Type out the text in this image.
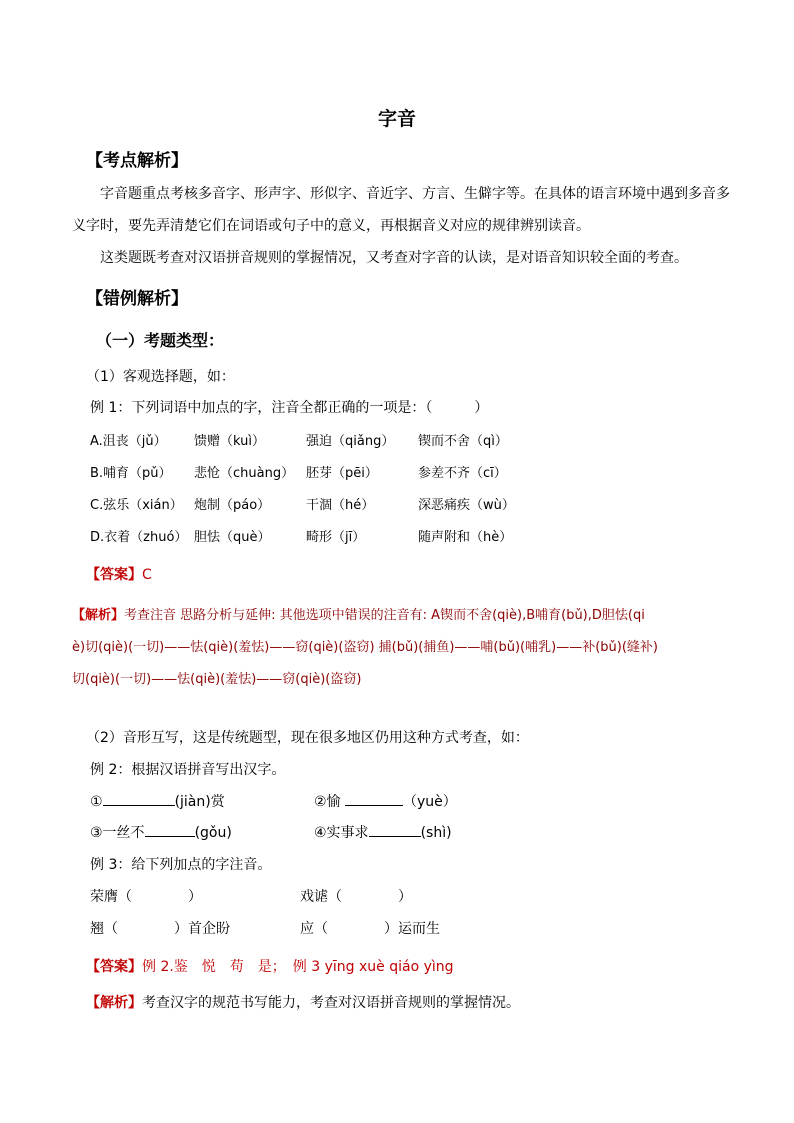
字音
【考点解析】
字音题重点考核多音字、形声字、形似字、音近字、方言、生僻字等。在具体的语言环境中遇到多音多义字时，要先弄清楚它们在词语或句子中的意义，再根据音义对应的规律辨别读音。
这类题既考查对汉语拼音规则的掌握情况，又考查对字音的认读，是对语音知识较全面的考查。
【错例解析】
（一）考题类型：
（1）客观选择题，如：
例 1：下列词语中加点的字，注音全都正确的一项是：（　　　）
A.沮丧（jǔ） 馈赠（kuì）	强迫（qiǎng） 锲而不舍（qì）
B.哺育（pǔ） 悲怆（chuàng） 胚芽（pēi）	参差不齐（cī）
C.弦乐（xián） 炮制（páo）	干涸（hé）	深恶痛疾（wù）
D.衣着（zhuó） 胆怯（què）	畸形（jī）	随声附和（hè）
【答案】C
【解析】考查注音 思路分析与延伸: 其他选项中错误的注音有: A锲而不舍(qiè),B哺育(bǔ),D胆怯(qi
è)切(qiè)(一切)——怯(qiè)(羞怯)——窃(qiè)(盗窃) 捕(bǔ)(捕鱼)——哺(bǔ)(哺乳)——补(bǔ)(缝补)
切(qiè)(一切)——怯(qiè)(羞怯)——窃(qiè)(盗窃)
（2）音形互写，这是传统题型，现在很多地区仍用这种方式考查，如：
例 2：根据汉语拼音写出汉字。
①	(jiàn)赏	②愉	（yuè）
③一丝不	(gǒu)	④实事求	(shì)
例 3：给下列加点的字注音。
荣膺（　　　　）	戏谑（　　　　）
翘（　　　　）首企盼	应（　　　　）运而生
【答案】例 2.鉴　悦　苟　是；　例 3 yīng xuè qiáo yìng
【解析】考查汉字的规范书写能力，考查对汉语拼音规则的掌握情况。
